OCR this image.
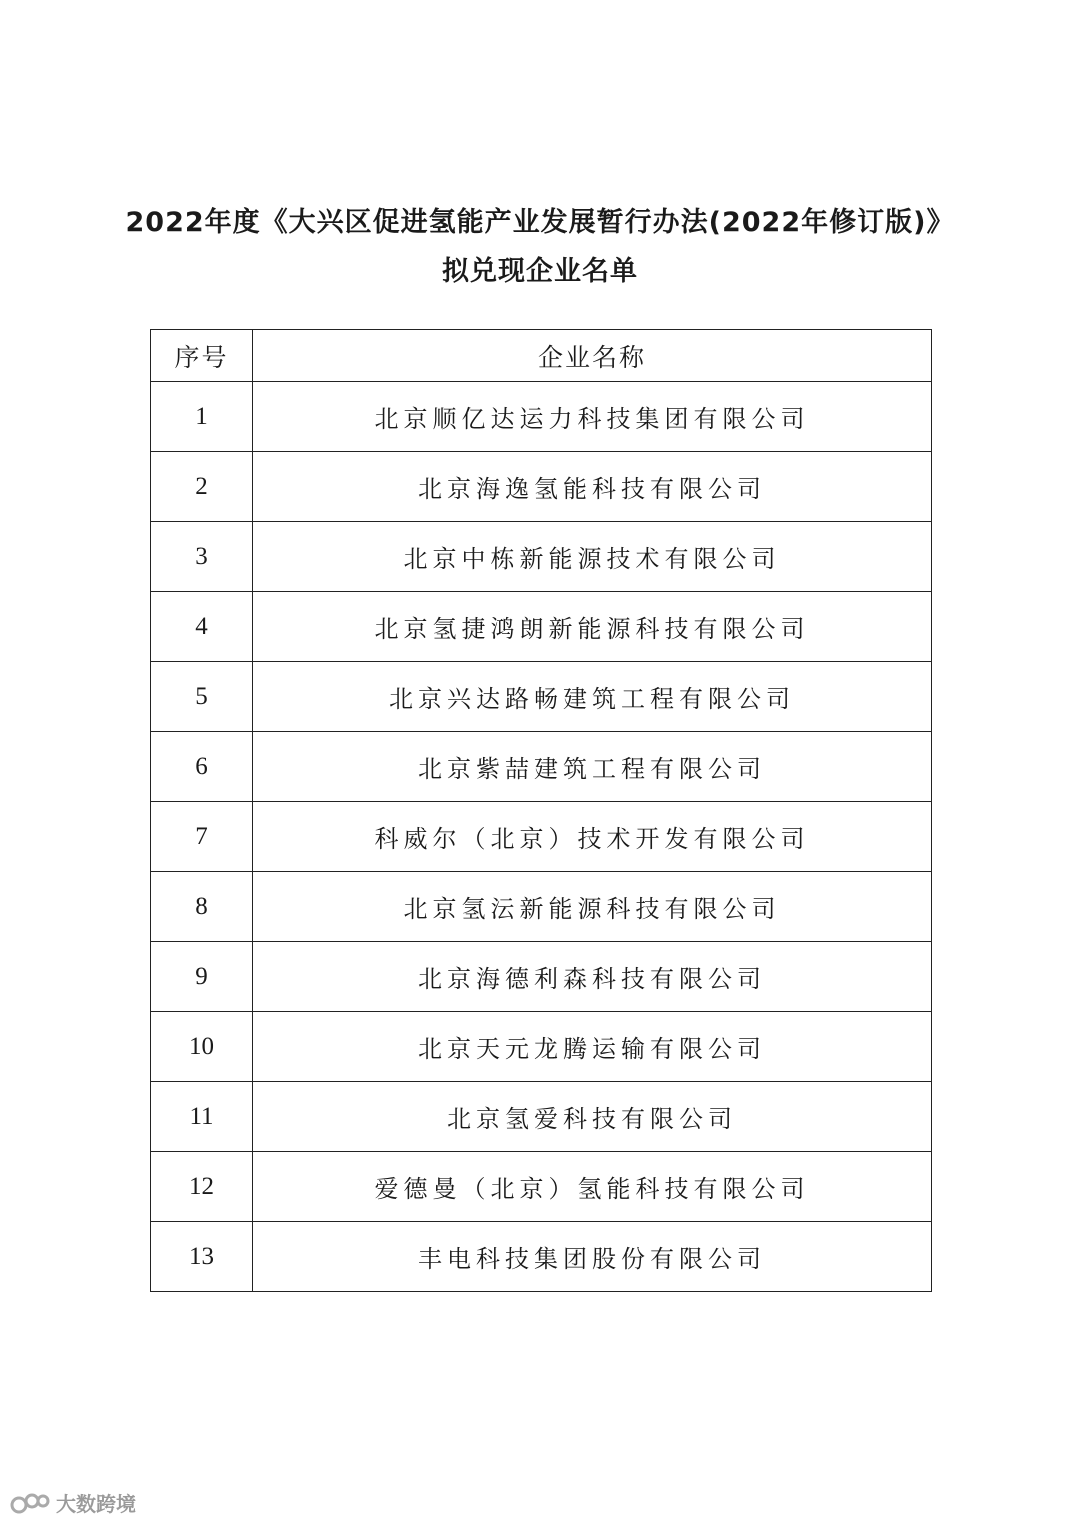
2022年度《大兴区促进氢能产业发展暂行办法(2022年修订版)》
拟兑现企业名单
序号	企业名称
1	北京顺亿达运力科技集团有限公司
2	北京海逸氢能科技有限公司
3	北京中栋新能源技术有限公司
4	北京氢捷鸿朗新能源科技有限公司
5	北京兴达路畅建筑工程有限公司
6	北京紫喆建筑工程有限公司
7	科威尔（北京）技术开发有限公司
8	北京氢沄新能源科技有限公司
9	北京海德利森科技有限公司
10	北京天元龙腾运输有限公司
11	北京氢爱科技有限公司
12	爱德曼（北京）氢能科技有限公司
13	丰电科技集团股份有限公司
大数跨境
